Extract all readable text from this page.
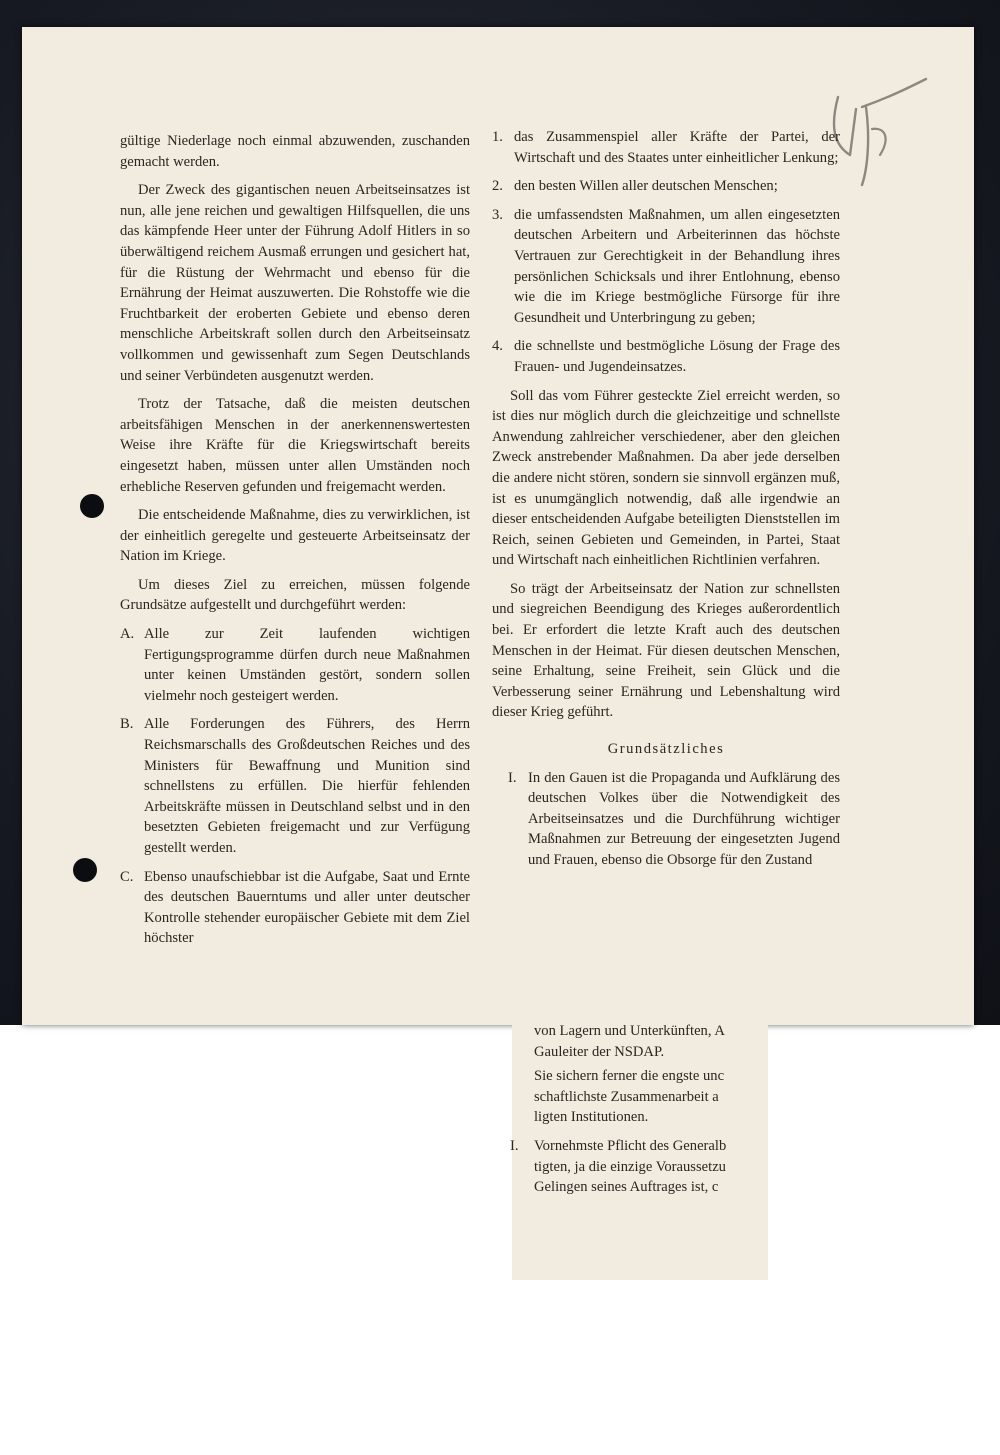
gültige Niederlage noch einmal abzuwenden, zuschanden gemacht werden.

Der Zweck des gigantischen neuen Arbeitseinsatzes ist nun, alle jene reichen und gewaltigen Hilfsquellen, die uns das kämpfende Heer unter der Führung Adolf Hitlers in so überwältigend reichem Ausmaß errungen und gesichert hat, für die Rüstung der Wehrmacht und ebenso für die Ernährung der Heimat auszuwerten. Die Rohstoffe wie die Fruchtbarkeit der eroberten Gebiete und ebenso deren menschliche Arbeitskraft sollen durch den Arbeitseinsatz vollkommen und gewissenhaft zum Segen Deutschlands und seiner Verbündeten ausgenutzt werden.

Trotz der Tatsache, daß die meisten deutschen arbeitsfähigen Menschen in der anerkennenswertesten Weise ihre Kräfte für die Kriegswirtschaft bereits eingesetzt haben, müssen unter allen Umständen noch erhebliche Reserven gefunden und freigemacht werden.

Die entscheidende Maßnahme, dies zu verwirklichen, ist der einheitlich geregelte und gesteuerte Arbeitseinsatz der Nation im Kriege.

Um dieses Ziel zu erreichen, müssen folgende Grundsätze aufgestellt und durchgeführt werden:

A. Alle zur Zeit laufenden wichtigen Fertigungsprogramme dürfen durch neue Maßnahmen unter keinen Umständen gestört, sondern sollen vielmehr noch gesteigert werden.
B. Alle Forderungen des Führers, des Herrn Reichsmarschalls des Großdeutschen Reiches und des Ministers für Bewaffnung und Munition sind schnellstens zu erfüllen. Die hierfür fehlenden Arbeitskräfte müssen in Deutschland selbst und in den besetzten Gebieten freigemacht und zur Verfügung gestellt werden.
C. Ebenso unaufschiebbar ist die Aufgabe, Saat und Ernte des deutschen Bauerntums und aller unter deutscher Kontrolle stehender europäischer Gebiete mit dem Ziel höchster
1. das Zusammenspiel aller Kräfte der Partei, der Wirtschaft und des Staates unter einheitlicher Lenkung;
2. den besten Willen aller deutschen Menschen;
3. die umfassendsten Maßnahmen, um allen eingesetzten deutschen Arbeitern und Arbeiterinnen das höchste Vertrauen zur Gerechtigkeit in der Behandlung ihres persönlichen Schicksals und ihrer Entlohnung, ebenso wie die im Kriege bestmögliche Fürsorge für ihre Gesundheit und Unterbringung zu geben;
4. die schnellste und bestmögliche Lösung der Frage des Frauen- und Jugendeinsatzes.

Soll das vom Führer gesteckte Ziel erreicht werden, so ist dies nur möglich durch die gleichzeitige und schnellste Anwendung zahlreicher verschiedener, aber den gleichen Zweck anstrebender Maßnahmen. Da aber jede derselben die andere nicht stören, sondern sie sinnvoll ergänzen muß, ist es unumgänglich notwendig, daß alle irgendwie an dieser entscheidenden Aufgabe beteiligten Dienststellen im Reich, seinen Gebieten und Gemeinden, in Partei, Staat und Wirtschaft nach einheitlichen Richtlinien verfahren.

So trägt der Arbeitseinsatz der Nation zur schnellsten und siegreichen Beendigung des Krieges außerordentlich bei. Er erfordert die letzte Kraft auch des deutschen Menschen in der Heimat. Für diesen deutschen Menschen, seine Erhaltung, seine Freiheit, sein Glück und die Verbesserung seiner Ernährung und Lebenshaltung wird dieser Krieg geführt.

Grundsätzliches
I. In den Gauen ist die Propaganda und Aufklärung des deutschen Volkes über die Notwendigkeit des Arbeitseinsatzes und die Durchführung wichtiger Maßnahmen zur Betreuung der eingesetzten Jugend und Frauen, ebenso die Obsorge für den Zustand
von Lagern und Unterkünften, A
Gauleiter der NSDAP.
Sie sichern ferner die engste unc
schaftlichste Zusammenarbeit a
ligten Institutionen.
I.	Vornehmste Pflicht des Generalb
tigten, ja die einzige Voraussetzu
Gelingen seines Auftrages ist, c
